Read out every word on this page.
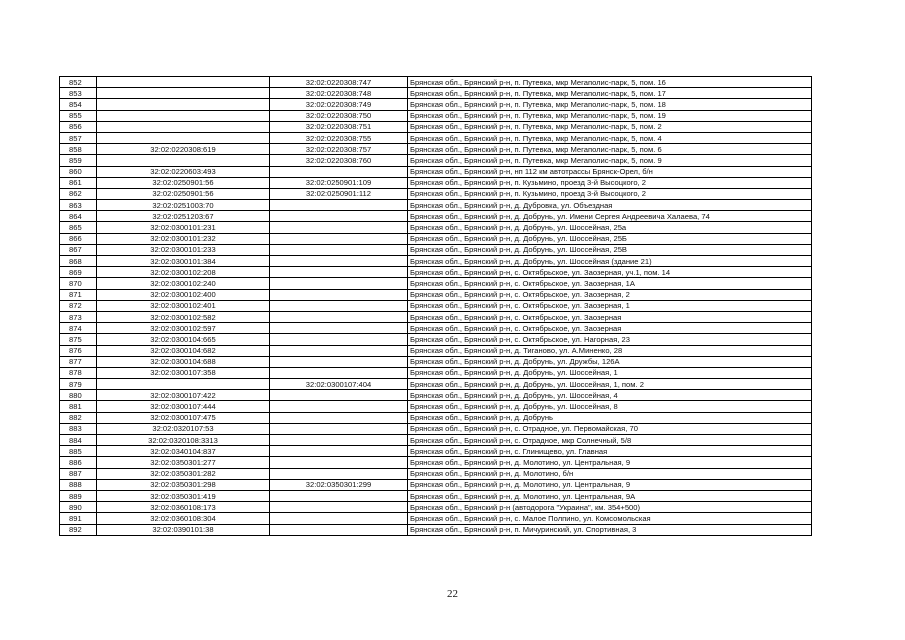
852		32:02:0220308:747	Брянская обл., Брянский р-н, п. Путевка, мкр Мегаполис-парк, 5, пом. 16
853		32:02:0220308:748	Брянская обл., Брянский р-н, п. Путевка, мкр Мегаполис-парк, 5, пом. 17
854		32:02:0220308:749	Брянская обл., Брянский р-н, п. Путевка, мкр Мегаполис-парк, 5, пом. 18
855		32:02:0220308:750	Брянская обл., Брянский р-н, п. Путевка, мкр Мегаполис-парк, 5, пом. 19
856		32:02:0220308:751	Брянская обл., Брянский р-н, п. Путевка, мкр Мегаполис-парк, 5, пом. 2
857		32:02:0220308:755	Брянская обл., Брянский р-н, п. Путевка, мкр Мегаполис-парк, 5, пом. 4
858	32:02:0220308:619	32:02:0220308:757	Брянская обл., Брянский р-н, п. Путевка, мкр Мегаполис-парк, 5, пом. 6
859		32:02:0220308:760	Брянская обл., Брянский р-н, п. Путевка, мкр Мегаполис-парк, 5, пом. 9
860	32:02:0220603:493		Брянская обл., Брянский р-н, нп 112 км автотрассы Брянск-Орел, б/н
861	32:02:0250901:56	32:02:0250901:109	Брянская обл., Брянский р-н, п. Кузьмино, проезд 3-й Высоцкого, 2
862	32:02:0250901:56	32:02:0250901:112	Брянская обл., Брянский р-н, п. Кузьмино, проезд 3-й Высоцкого, 2
863	32:02:0251003:70		Брянская обл., Брянский р-н, д. Дубровка, ул. Объездная
864	32:02:0251203:67		Брянская обл., Брянский р-н, д. Добрунь, ул. Имени Сергея Андреевича Халаева, 74
865	32:02:0300101:231		Брянская обл., Брянский р-н, д. Добрунь, ул. Шоссейная, 25а
866	32:02:0300101:232		Брянская обл., Брянский р-н, д. Добрунь, ул. Шоссейная, 25Б
867	32:02:0300101:233		Брянская обл., Брянский р-н, д. Добрунь, ул. Шоссейная, 25В
868	32:02:0300101:384		Брянская обл., Брянский р-н, д. Добрунь, ул. Шоссейная (здание 21)
869	32:02:0300102:208		Брянская обл., Брянский р-н, с. Октябрьское, ул. Заозерная, уч.1, пом. 14
870	32:02:0300102:240		Брянская обл., Брянский р-н, с. Октябрьское, ул. Заозерная, 1А
871	32:02:0300102:400		Брянская обл., Брянский р-н, с. Октябрьское, ул. Заозерная, 2
872	32:02:0300102:401		Брянская обл., Брянский р-н, с. Октябрьское, ул. Заозерная, 1
873	32:02:0300102:582		Брянская обл., Брянский р-н, с. Октябрьское, ул. Заозерная
874	32:02:0300102:597		Брянская обл., Брянский р-н, с. Октябрьское, ул. Заозерная
875	32:02:0300104:665		Брянская обл., Брянский р-н, с. Октябрьское, ул. Нагорная, 23
876	32:02:0300104:682		Брянская обл., Брянский р-н, д. Тиганово, ул. А.Миненко, 28
877	32:02:0300104:688		Брянская обл., Брянский р-н, д. Добрунь, ул. Дружбы, 126А
878	32:02:0300107:358		Брянская обл., Брянский р-н, д. Добрунь, ул. Шоссейная, 1
879		32:02:0300107:404	Брянская обл., Брянский р-н, д. Добрунь, ул. Шоссейная, 1, пом. 2
880	32:02:0300107:422		Брянская обл., Брянский р-н, д. Добрунь, ул. Шоссейная, 4
881	32:02:0300107:444		Брянская обл., Брянский р-н, д. Добрунь, ул. Шоссейная, 8
882	32:02:0300107:475		Брянская обл., Брянский р-н, д. Добрунь
883	32:02:0320107:53		Брянская обл., Брянский р-н, с. Отрадное, ул. Первомайская, 70
884	32:02:0320108:3313		Брянская обл., Брянский р-н, с. Отрадное, мкр Солнечный, 5/8
885	32:02:0340104:837		Брянская обл., Брянский р-н, с. Глинищево, ул. Главная
886	32:02:0350301:277		Брянская обл., Брянский р-н, д. Молотино, ул. Центральная, 9
887	32:02:0350301:282		Брянская обл., Брянский р-н, д. Молотино, б/н
888	32:02:0350301:298	32:02:0350301:299	Брянская обл., Брянский р-н, д. Молотино, ул. Центральная, 9
889	32:02:0350301:419		Брянская обл., Брянский р-н, д. Молотино, ул. Центральная, 9А
890	32:02:0360108:173		Брянская обл., Брянский р-н (автодорога "Украина", км. 354+500)
891	32:02:0360108:304		Брянская обл., Брянский р-н, с. Малое Полпино, ул. Комсомольская
892	32:02:0390101:38		Брянская обл., Брянский р-н, п. Мичуринский, ул. Спортивная, 3
22
